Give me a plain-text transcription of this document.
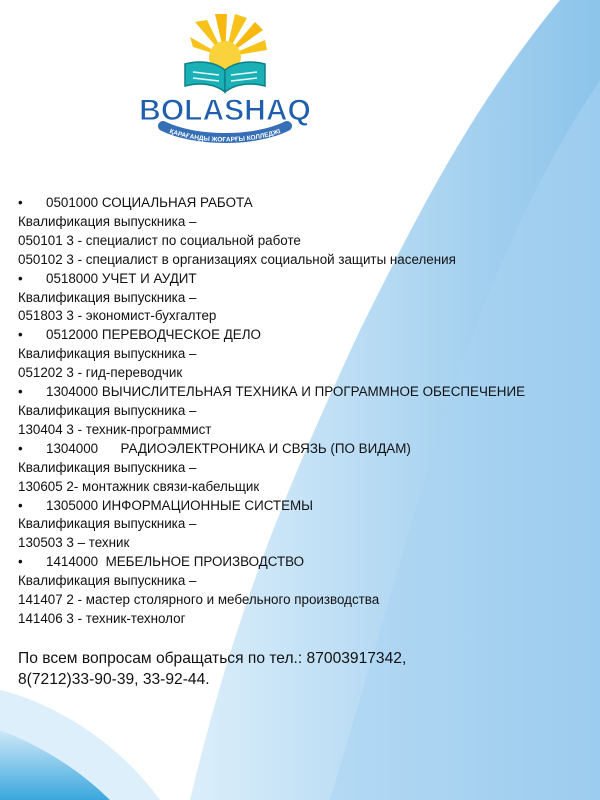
BOLASHAQ
ҚАРАҒАНДЫ ЖОҒАРҒЫ КОЛЛЕДЖІ
• 0501000 СОЦИАЛЬНАЯ РАБОТА
Квалификация выпускника –
050101 3 - специалист по социальной работе
050102 3 - специалист в организациях социальной защиты населения
• 0518000 УЧЕТ И АУДИТ
Квалификация выпускника –
051803 3 - экономист-бухгалтер
• 0512000 ПЕРЕВОДЧЕСКОЕ ДЕЛО
Квалификация выпускника –
051202 3 - гид-переводчик
• 1304000 ВЫЧИСЛИТЕЛЬНАЯ ТЕХНИКА И ПРОГРАММНОЕ ОБЕСПЕЧЕНИЕ
Квалификация выпускника –
130404 3 - техник-программист
• 1304000      РАДИОЭЛЕКТРОНИКА И СВЯЗЬ (ПО ВИДАМ)
Квалификация выпускника –
130605 2- монтажник связи-кабельщик
• 1305000 ИНФОРМАЦИОННЫЕ СИСТЕМЫ
Квалификация выпускника –
130503 3 – техник
• 1414000  МЕБЕЛЬНОЕ ПРОИЗВОДСТВО
Квалификация выпускника –
141407 2 - мастер столярного и мебельного производства
141406 3 - техник-технолог
По всем вопросам обращаться по тел.: 87003917342,
8(7212)33-90-39, 33-92-44.
